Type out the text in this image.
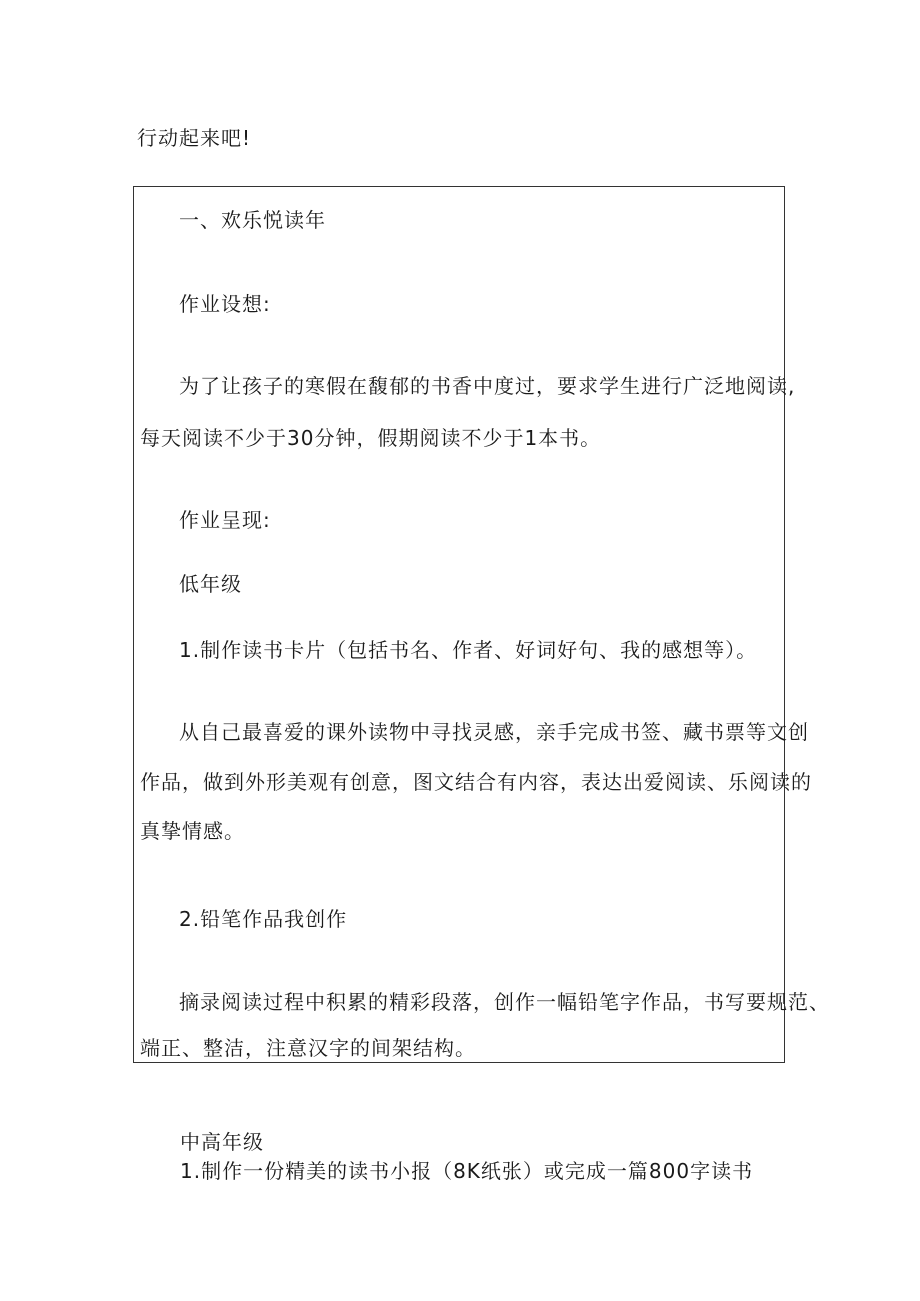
行动起来吧!
一、欢乐悦读年
作业设想:
为了让孩子的寒假在馥郁的书香中度过，要求学生进行广泛地阅读,
每天阅读不少于30分钟，假期阅读不少于1本书。
作业呈现:
低年级
1.制作读书卡片（包括书名、作者、好词好句、我的感想等）。
从自己最喜爱的课外读物中寻找灵感，亲手完成书签、藏书票等文创
作品，做到外形美观有创意，图文结合有内容，表达出爱阅读、乐阅读的
真挚情感。
2.铅笔作品我创作
摘录阅读过程中积累的精彩段落，创作一幅铅笔字作品，书写要规范、
端正、整洁，注意汉字的间架结构。
中高年级
1.制作一份精美的读书小报（8K纸张）或完成一篇800字读书
